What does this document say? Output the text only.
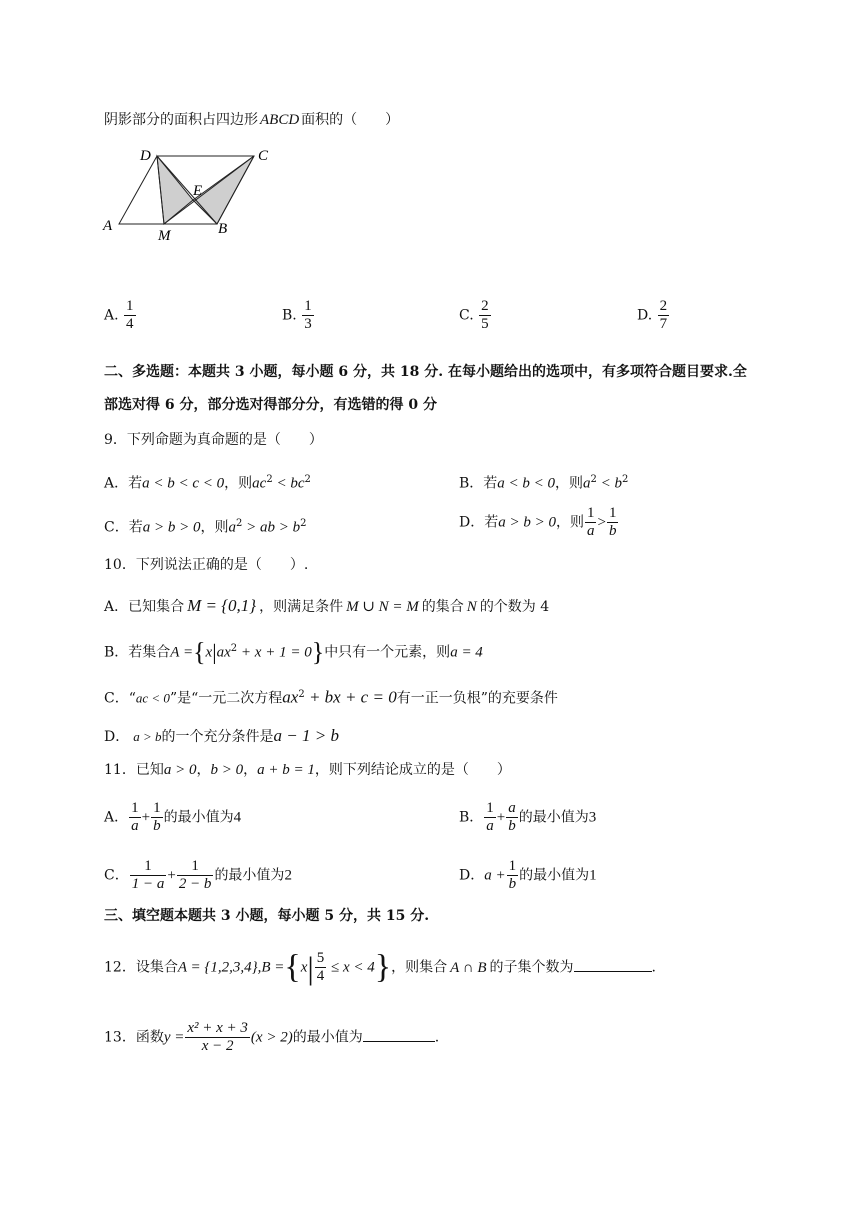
阴影部分的面积占四边形 ABCD 面积的（　　）
D	C
E
A
M	B
A. $\frac{1}{4}$	B. $\frac{1}{3}$	C. $\frac{2}{5}$	D. $\frac{2}{7}$
二、多选题：本题共 3 小题，每小题 6 分，共 18 分. 在每小题给出的选项中，有多项符合题目要求.全
部选对得 6 分，部分选对得部分分，有选错的得 0 分
9．下列命题为真命题的是（　　）
A．若a < b < c < 0，则$ac^2 < bc^2$	B．若a < b < 0，则$a^2 < b^2$
C．若a > b > 0，则$a^2$ > ab > $b^2$	D．若a > b > 0，则 $\frac{1}{a} > \frac{1}{b}$
10．下列说法正确的是（　　）.
A．已知集合 M = {0,1} ，则满足条件 M ∪ N = M 的集合 N 的个数为 4
B．若集合$A =\{x|ax^2 + x + 1 = 0\}$中只有一个元素，则a = 4
C．“ac < 0”是“一元二次方程$ax^2$ + bx + c = 0有一正一负根”的充要条件
D． a > b的一个充分条件是a − 1 > b
11．已知a > 0，b > 0，a + b = 1，则下列结论成立的是（　　）
A． $\frac{1}{a} + \frac{1}{b}$ 的最小值为4	B． $\frac{1}{a} + \frac{a}{b}$ 的最小值为3
C． $\frac{1}{1 - a} + \frac{1}{2 - b}$ 的最小值为2	D．$a + \frac{1}{b}$ 的最小值为1
三、填空题本题共 3 小题，每小题 5 分，共 15 分.
12．设集合$A = \{1,2,3,4\},B =\{x| \frac{5}{4} \le x < 4\}$，则集合 A ∩ B 的子集个数为	.
13．函数$y = \frac{\text{x² + x + 3}}{x - 2} (x > 2)$的最小值为	.
